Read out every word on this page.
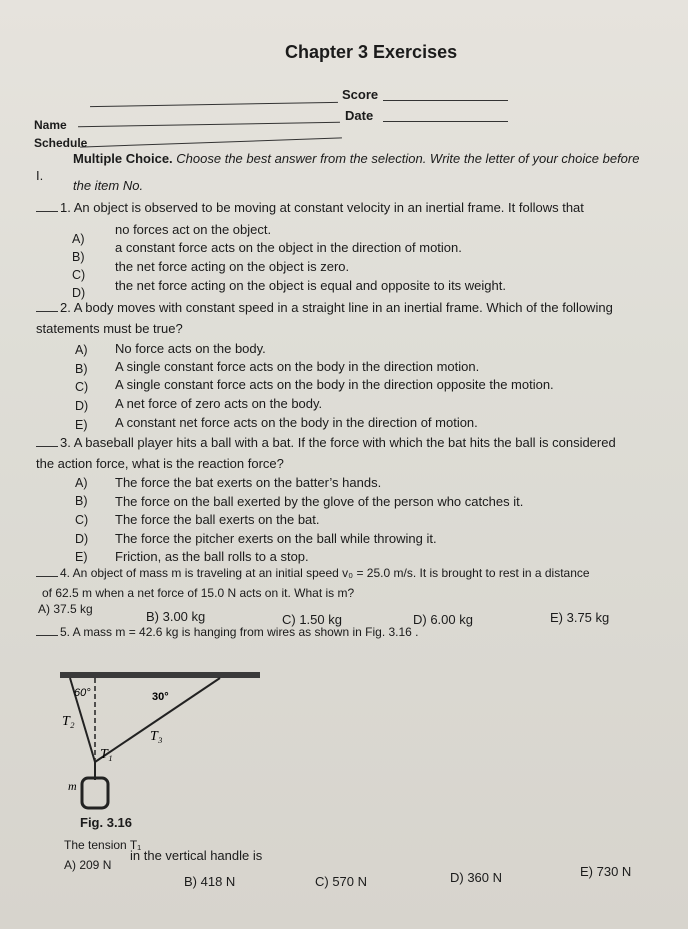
Chapter 3 Exercises
Score
Date
Name
Schedule
I.
Multiple Choice. Choose the best answer from the selection. Write the letter of your choice before
the item No.
1. An object is observed to be moving at constant velocity in an inertial frame. It follows that
A)
no forces act on the object.
B)
a constant force acts on the object in the direction of motion.
C)
the net force acting on the object is zero.
D) the net force acting on the object is equal and opposite to its weight.
2. A body moves with constant speed in a straight line in an inertial frame. Which of the following
statements must be true?
A) No force acts on the body.
B) A single constant force acts on the body in the direction motion.
C) A single constant force acts on the body in the direction opposite the motion.
D) A net force of zero acts on the body.
E) A constant net force acts on the body in the direction of motion.
3. A baseball player hits a ball with a bat. If the force with which the bat hits the ball is considered
the action force, what is the reaction force?
A) The force the bat exerts on the batter’s hands.
B) The force on the ball exerted by the glove of the person who catches it.
C) The force the ball exerts on the bat.
D) The force the pitcher exerts on the ball while throwing it.
E) Friction, as the ball rolls to a stop.
4. An object of mass m is traveling at an initial speed v₀ = 25.0 m/s. It is brought to rest in a distance
of 62.5 m when a net force of 15.0 N acts on it. What is m?
A) 37.5 kg	B) 3.00 kg	C) 1.50 kg	D) 6.00 kg	E) 3.75 kg
5. A mass m = 42.6 kg is hanging from wires as shown in Fig. 3.16 .
60°	30°
T₂
T₃
T₁
m
Fig. 3.16
The tension T₁
in the vertical handle is
A) 209 N
B) 418 N	C) 570 N	D) 360 N	E) 730 N
